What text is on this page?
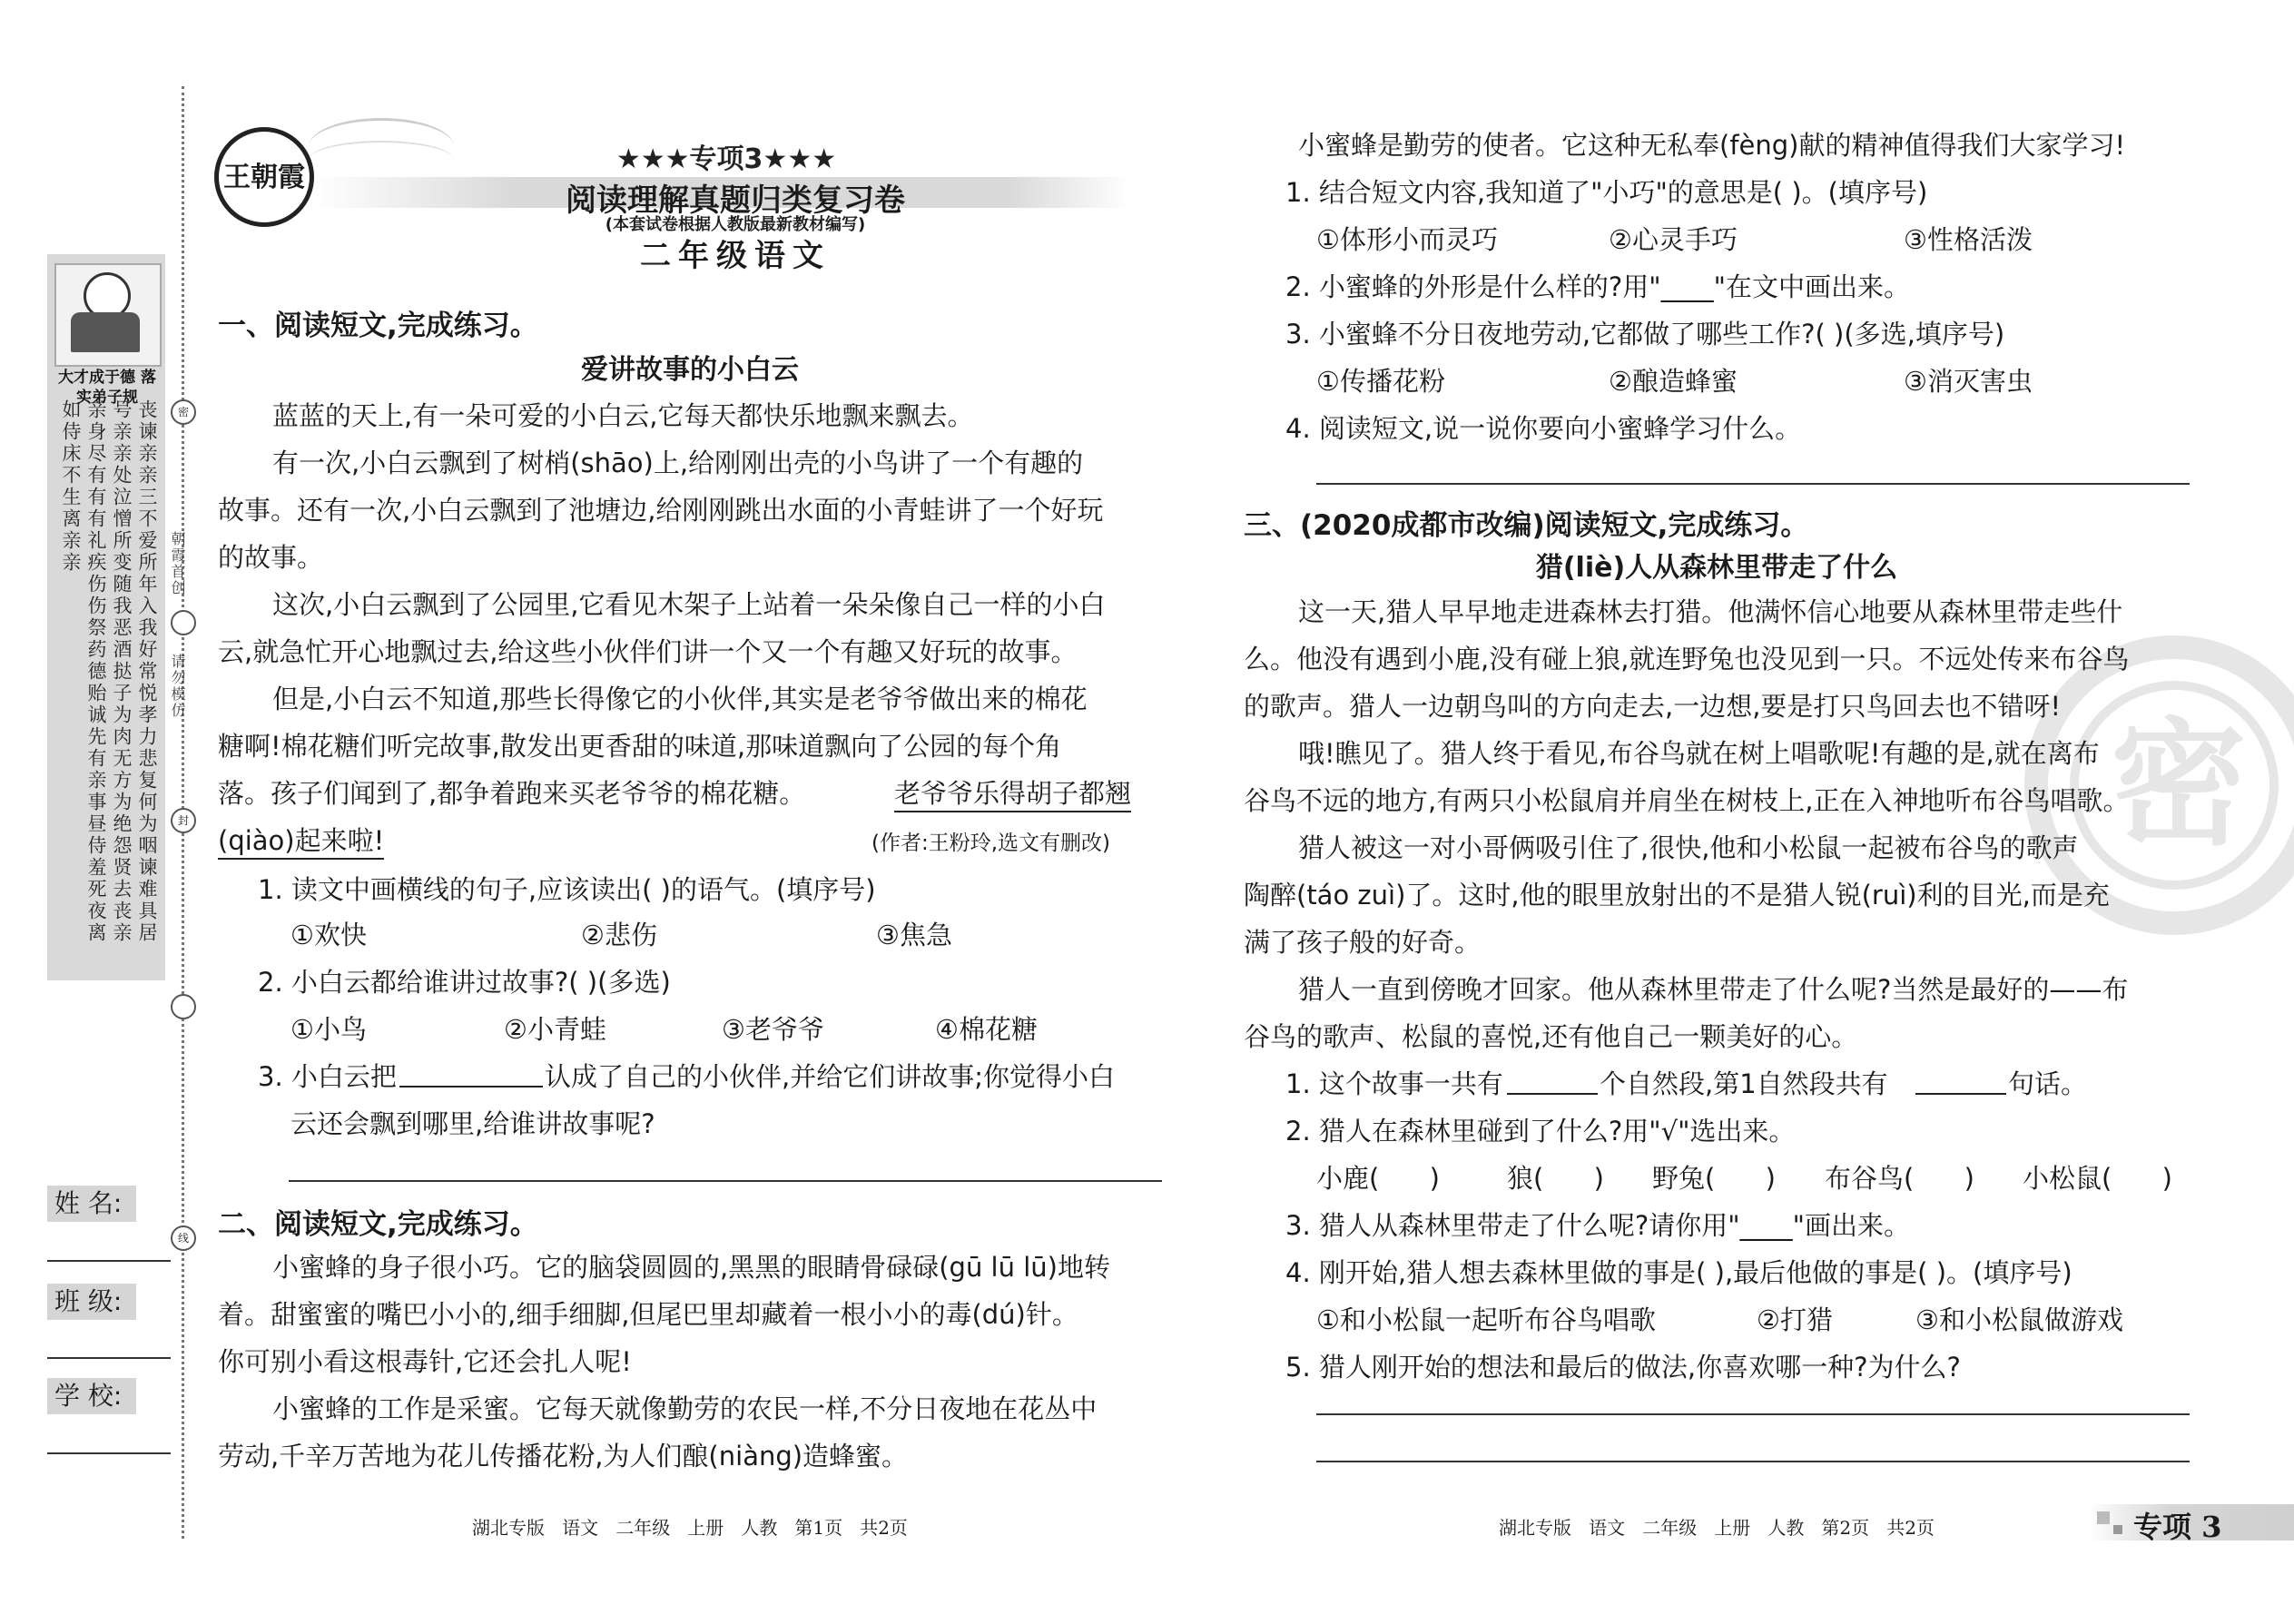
大才成于德 落实弟子规
丧谏亲亲三不爱所年入我好常悦孝力悲复何为咽谏难具居号亲亲处泣憎所变随我恶酒挞子为肉无方为绝怨贤去丧亲亲身尽有有有礼疾伤伤祭药德贻诚先有亲事昼侍羞死夜离如侍床不生离亲亲	密
朝霞首创
请勿模仿
封
线
姓 名:
班 级:
学 校:
王朝霞
★★★专项3★★★
阅读理解真题归类复习卷
(本套试卷根据人教版最新教材编写)
二年级语文
一、阅读短文,完成练习。
爱讲故事的小白云
蓝蓝的天上,有一朵可爱的小白云,它每天都快乐地飘来飘去。
有一次,小白云飘到了树梢(shāo)上,给刚刚出壳的小鸟讲了一个有趣的
故事。还有一次,小白云飘到了池塘边,给刚刚跳出水面的小青蛙讲了一个好玩
的故事。
这次,小白云飘到了公园里,它看见木架子上站着一朵朵像自己一样的小白
云,就急忙开心地飘过去,给这些小伙伴们讲一个又一个有趣又好玩的故事。
但是,小白云不知道,那些长得像它的小伙伴,其实是老爷爷做出来的棉花
糖啊!棉花糖们听完故事,散发出更香甜的味道,那味道飘向了公园的每个角
落。孩子们闻到了,都争着跑来买老爷爷的棉花糖。	老爷爷乐得胡子都翘
(qiào)起来啦!	(作者:王粉玲,选文有删改)
1. 读文中画横线的句子,应该读出( )的语气。(填序号)
①欢快	②悲伤	③焦急
2. 小白云都给谁讲过故事?( )(多选)
①小鸟	②小青蛙	③老爷爷	④棉花糖
3. 小白云把	认成了自己的小伙伴,并给它们讲故事;你觉得小白
云还会飘到哪里,给谁讲故事呢?
二、阅读短文,完成练习。
小蜜蜂的身子很小巧。它的脑袋圆圆的,黑黑的眼睛骨碌碌(gū lū lū)地转
着。甜蜜蜜的嘴巴小小的,细手细脚,但尾巴里却藏着一根小小的毒(dú)针。
你可别小看这根毒针,它还会扎人呢!
小蜜蜂的工作是采蜜。它每天就像勤劳的农民一样,不分日夜地在花丛中
劳动,千辛万苦地为花儿传播花粉,为人们酿(niàng)造蜂蜜。
湖北专版   语文   二年级   上册   人教   第1页   共2页
小蜜蜂是勤劳的使者。它这种无私奉(fèng)献的精神值得我们大家学习!
1. 结合短文内容,我知道了"小巧"的意思是( )。(填序号)
①体形小而灵巧	②心灵手巧	③性格活泼
2. 小蜜蜂的外形是什么样的?用"____"在文中画出来。
3. 小蜜蜂不分日夜地劳动,它都做了哪些工作?( )(多选,填序号)
①传播花粉	②酿造蜂蜜	③消灭害虫
4. 阅读短文,说一说你要向小蜜蜂学习什么。
密
三、(2020成都市改编)阅读短文,完成练习。
猎(liè)人从森林里带走了什么
这一天,猎人早早地走进森林去打猎。他满怀信心地要从森林里带走些什
么。他没有遇到小鹿,没有碰上狼,就连野兔也没见到一只。不远处传来布谷鸟
的歌声。猎人一边朝鸟叫的方向走去,一边想,要是打只鸟回去也不错呀!
哦!瞧见了。猎人终于看见,布谷鸟就在树上唱歌呢!有趣的是,就在离布
谷鸟不远的地方,有两只小松鼠肩并肩坐在树枝上,正在入神地听布谷鸟唱歌。
猎人被这一对小哥俩吸引住了,很快,他和小松鼠一起被布谷鸟的歌声
陶醉(táo zuì)了。这时,他的眼里放射出的不是猎人锐(ruì)利的目光,而是充
满了孩子般的好奇。
猎人一直到傍晚才回家。他从森林里带走了什么呢?当然是最好的——布
谷鸟的歌声、松鼠的喜悦,还有他自己一颗美好的心。
1. 这个故事一共有	个自然段,第1自然段共有	句话。
2. 猎人在森林里碰到了什么?用"√"选出来。
小鹿(      )	狼(      ) 野兔(      ) 布谷鸟(      ) 小松鼠(      )
3. 猎人从森林里带走了什么呢?请你用"____"画出来。
4. 刚开始,猎人想去森林里做的事是( ),最后他做的事是( )。(填序号)
①和小松鼠一起听布谷鸟唱歌	②打猎	③和小松鼠做游戏
5. 猎人刚开始的想法和最后的做法,你喜欢哪一种?为什么?
湖北专版   语文   二年级   上册   人教   第2页   共2页	专项 3
